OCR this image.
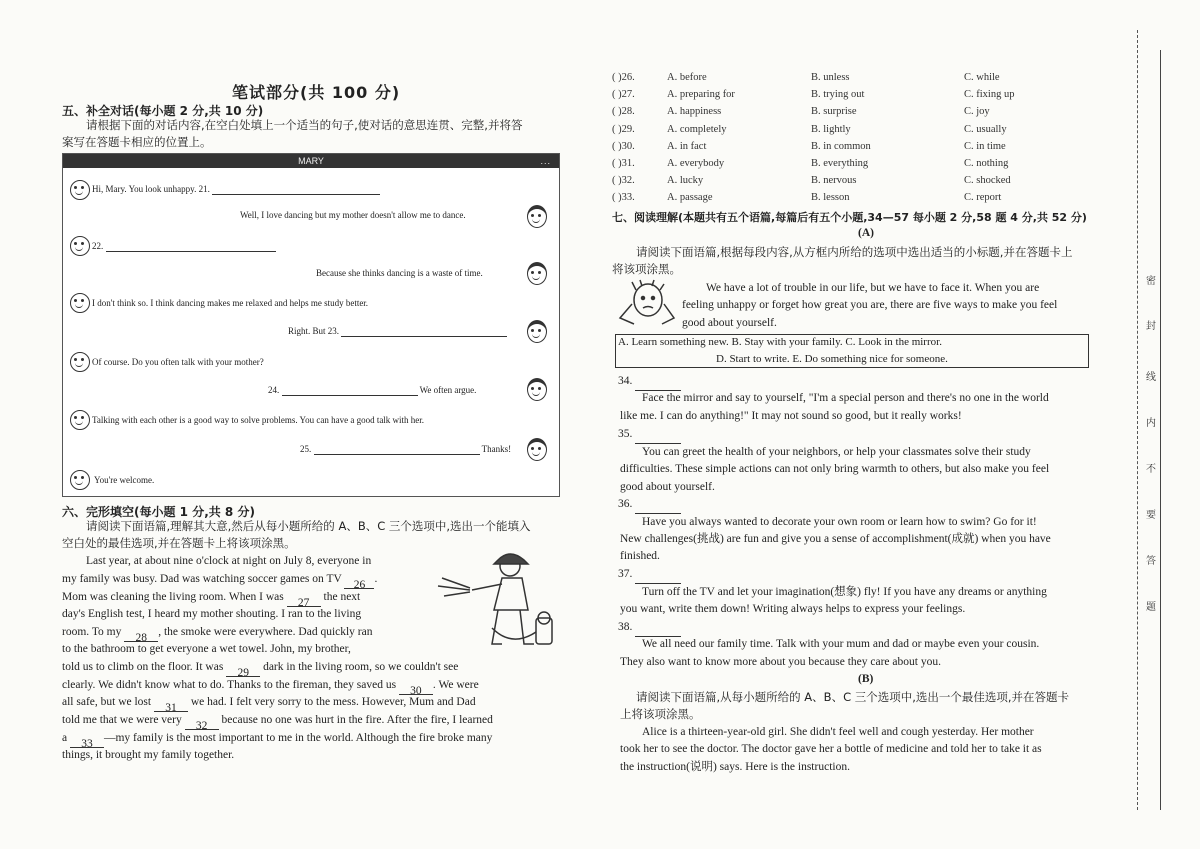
笔试部分(共 100 分)
五、补全对话(每小题 2 分,共 10 分)
请根据下面的对话内容,在空白处填上一个适当的句子,使对话的意思连贯、完整,并将答
案写在答题卡相应的位置上。
MARY	...
Hi, Mary. You look unhappy. 21.
Well, I love dancing but my mother doesn't allow me to dance.
22.
Because she thinks dancing is a waste of time.
I don't think so. I think dancing makes me relaxed and helps me study better.
Right. But 23.
Of course. Do you often talk with your mother?
24.	We often argue.
Talking with each other is a good way to solve problems. You can have a good talk with her.
25.	Thanks!
You're welcome.
六、完形填空(每小题 1 分,共 8 分)
请阅读下面语篇,理解其大意,然后从每小题所给的 A、B、C 三个选项中,选出一个能填入
空白处的最佳选项,并在答题卡上将该项涂黑。
Last year, at about nine o'clock at night on July 8, everyone in
my family was busy. Dad was watching soccer games on TV 26 .
Mom was cleaning the living room. When I was 27 the next
day's English test, I heard my mother shouting. I ran to the living
room. To my 28 , the smoke were everywhere. Dad quickly ran
to the bathroom to get everyone a wet towel. John, my brother,
told us to climb on the floor. It was 29 dark in the living room, so we couldn't see
clearly. We didn't know what to do. Thanks to the fireman, they saved us 30 . We were
all safe, but we lost 31 we had. I felt very sorry to the mess. However, Mum and Dad
told me that we were very 32 because no one was hurt in the fire. After the fire, I learned
a 33 —my family is the most important to me in the world. Although the fire broke many
things, it brought my family together.
( )26.	A. before	B. unless	C. while
( )27.	A. preparing for	B. trying out	C. fixing up
( )28.	A. happiness	B. surprise	C. joy
( )29.	A. completely	B. lightly	C. usually
( )30.	A. in fact	B. in common	C. in time
( )31.	A. everybody	B. everything	C. nothing
( )32.	A. lucky	B. nervous	C. shocked
( )33.	A. passage	B. lesson	C. report
七、阅读理解(本题共有五个语篇,每篇后有五个小题,34—57 每小题 2 分,58 题 4 分,共 52 分)
(A)
请阅读下面语篇,根据每段内容,从方框内所给的选项中选出适当的小标题,并在答题卡上
将该项涂黑。
We have a lot of trouble in our life, but we have to face it. When you are
feeling unhappy or forget how great you are, there are five ways to make you feel
good about yourself.
A. Learn something new. B. Stay with your family. C. Look in the mirror.
D. Start to write. E. Do something nice for someone.
34.
Face the mirror and say to yourself, "I'm a special person and there's no one in the world
like me. I can do anything!" It may not sound so good, but it really works!
35.
You can greet the health of your neighbors, or help your classmates solve their study
difficulties. These simple actions can not only bring warmth to others, but also make you feel
good about yourself.
36.
Have you always wanted to decorate your own room or learn how to swim? Go for it!
New challenges(挑战) are fun and give you a sense of accomplishment(成就) when you have
finished.
37.
Turn off the TV and let your imagination(想象) fly! If you have any dreams or anything
you want, write them down! Writing always helps to express your feelings.
38.
We all need our family time. Talk with your mum and dad or maybe even your cousin.
They also want to know more about you because they care about you.
(B)
请阅读下面语篇,从每小题所给的 A、B、C 三个选项中,选出一个最佳选项,并在答题卡
上将该项涂黑。
Alice is a thirteen-year-old girl. She didn't feel well and cough yesterday. Her mother
took her to see the doctor. The doctor gave her a bottle of medicine and told her to take it as
the instruction(说明) says. Here is the instruction.
密
封
线
内
不
要
答
题
